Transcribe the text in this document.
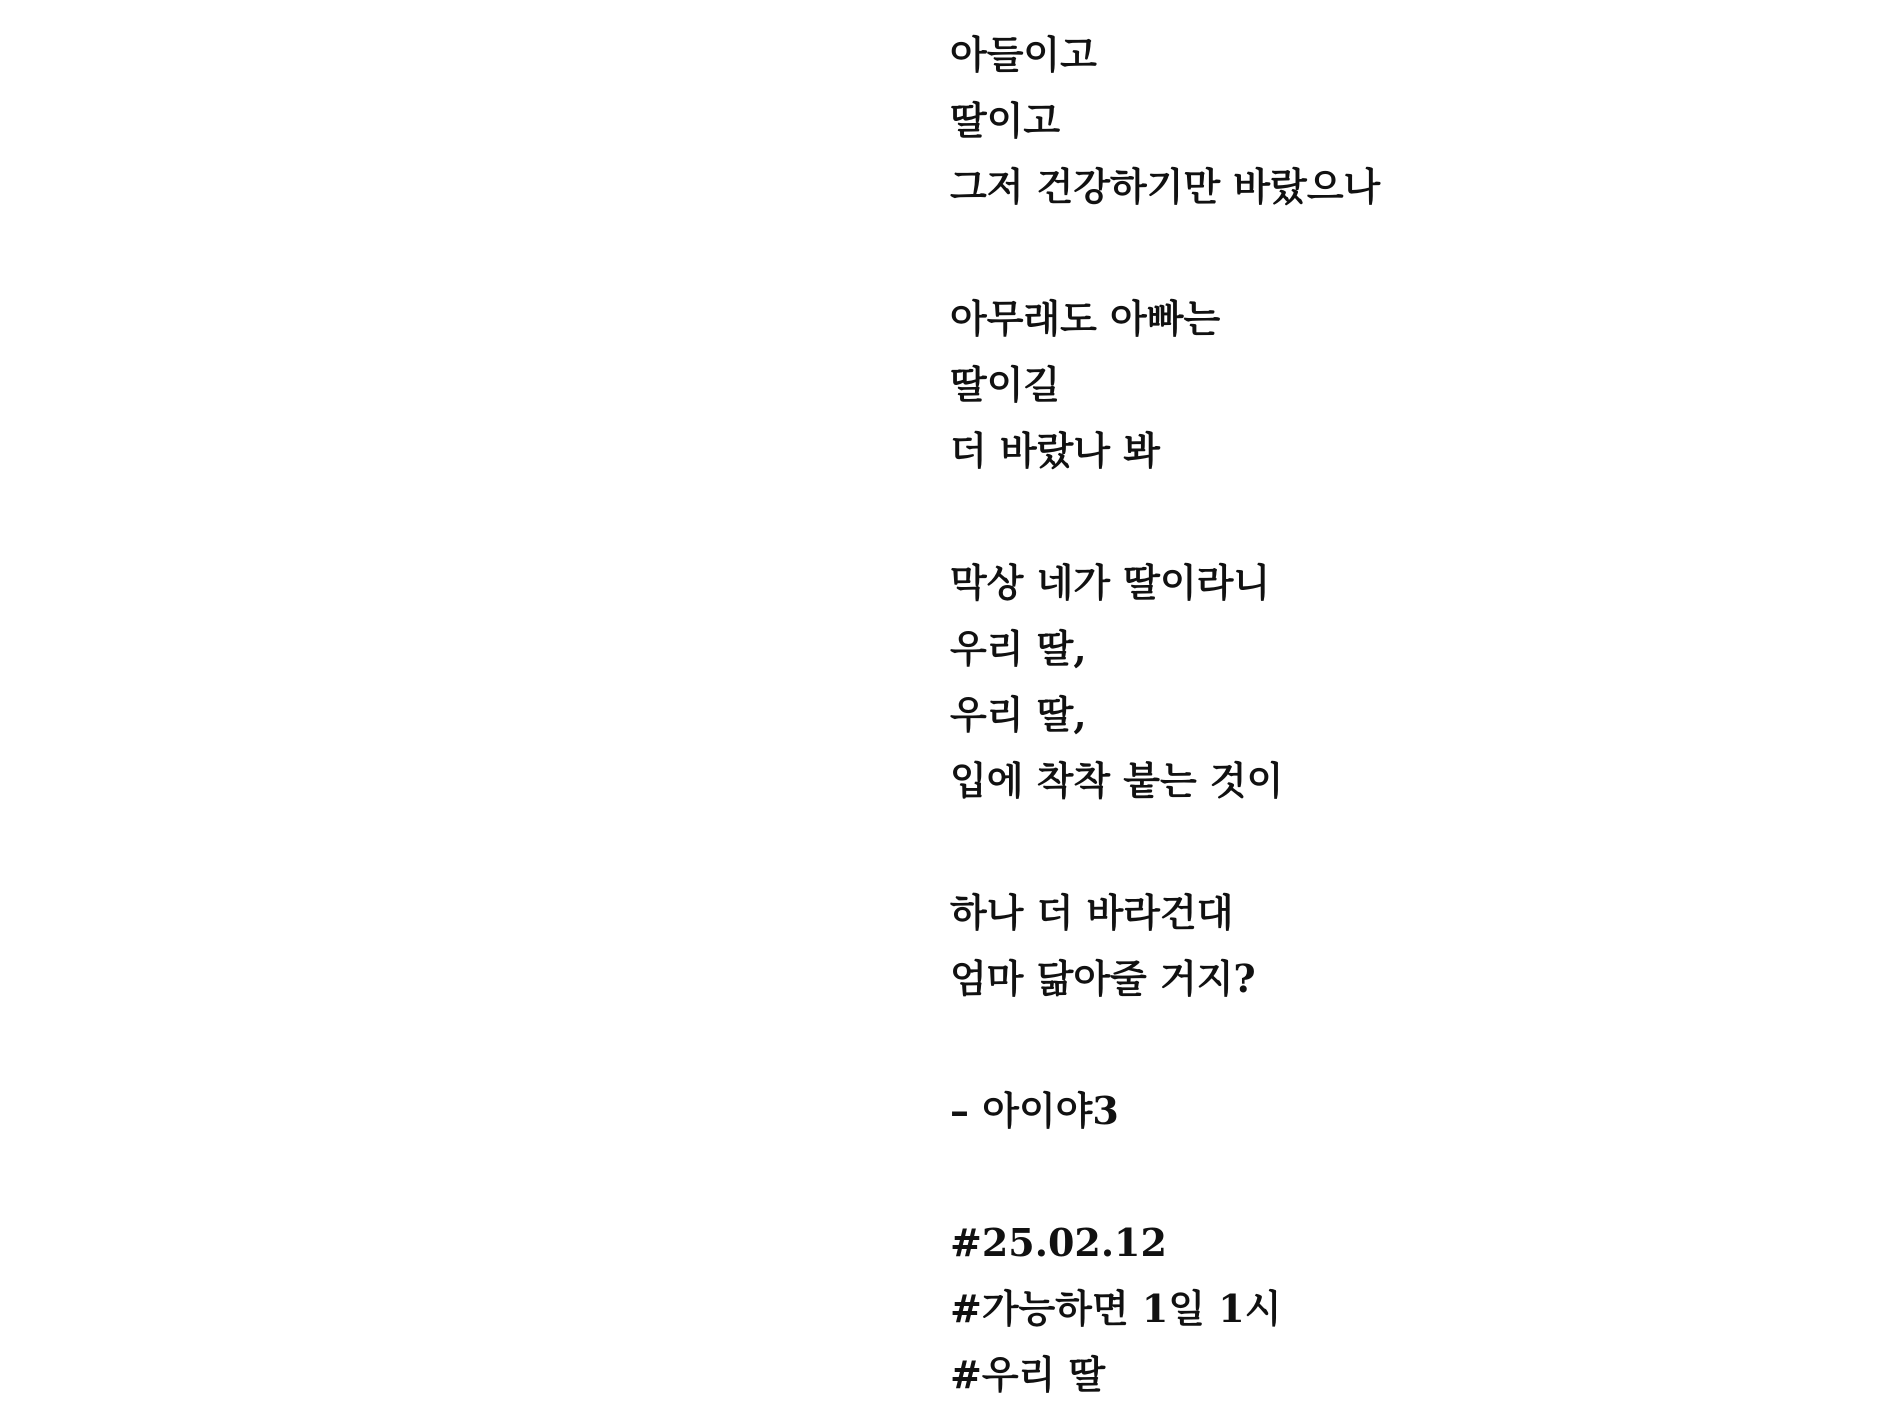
아들이고
딸이고
그저 건강하기만 바랐으나
아무래도 아빠는
딸이길
더 바랐나 봐
막상 네가 딸이라니
우리 딸,
우리 딸,
입에 착착 붙는 것이
하나 더 바라건대
엄마 닮아줄 거지?
– 아이야3
#25.02.12
#가능하면 1일 1시
#우리 딸
